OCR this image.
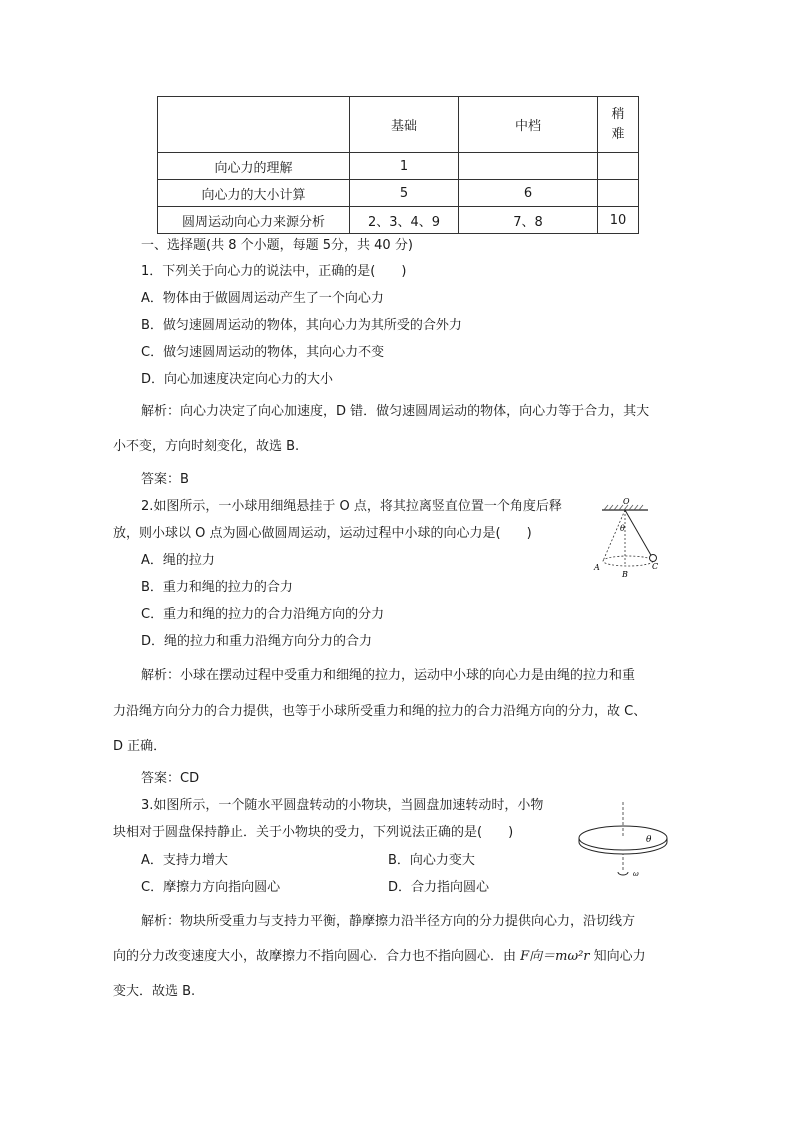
	基础	中档	稍难
向心力的理解	1		
向心力的大小计算	5	6	
圆周运动向心力来源分析	2、3、4、9	7、8	10
一、选择题(共 8 个小题，每题 5分，共 40 分)
1．下列关于向心力的说法中，正确的是(　　)
A．物体由于做圆周运动产生了一个向心力
B．做匀速圆周运动的物体，其向心力为其所受的合外力
C．做匀速圆周运动的物体，其向心力不变
D．向心加速度决定向心力的大小
解析：向心力决定了向心加速度，D 错．做匀速圆周运动的物体，向心力等于合力，其大
小不变，方向时刻变化，故选 B.
答案：B
2.如图所示，一小球用细绳悬挂于 O 点，将其拉离竖直位置一个角度后释
放，则小球以 O 点为圆心做圆周运动，运动过程中小球的向心力是(　　)
A．绳的拉力
B．重力和绳的拉力的合力
C．重力和绳的拉力的合力沿绳方向的分力
D．绳的拉力和重力沿绳方向分力的合力
O
θ
A
B
C
解析：小球在摆动过程中受重力和细绳的拉力，运动中小球的向心力是由绳的拉力和重
力沿绳方向分力的合力提供，也等于小球所受重力和绳的拉力的合力沿绳方向的分力，故 C、
D 正确．
答案：CD
3.如图所示，一个随水平圆盘转动的小物块，当圆盘加速转动时，小物
块相对于圆盘保持静止．关于小物块的受力，下列说法正确的是(　　)
A．支持力增大	B．向心力变大
C．摩擦力方向指向圆心	D．合力指向圆心
θ
ω
解析：物块所受重力与支持力平衡，静摩擦力沿半径方向的分力提供向心力，沿切线方
向的分力改变速度大小，故摩擦力不指向圆心．合力也不指向圆心．由 F向＝mω²r 知向心力
变大．故选 B.
